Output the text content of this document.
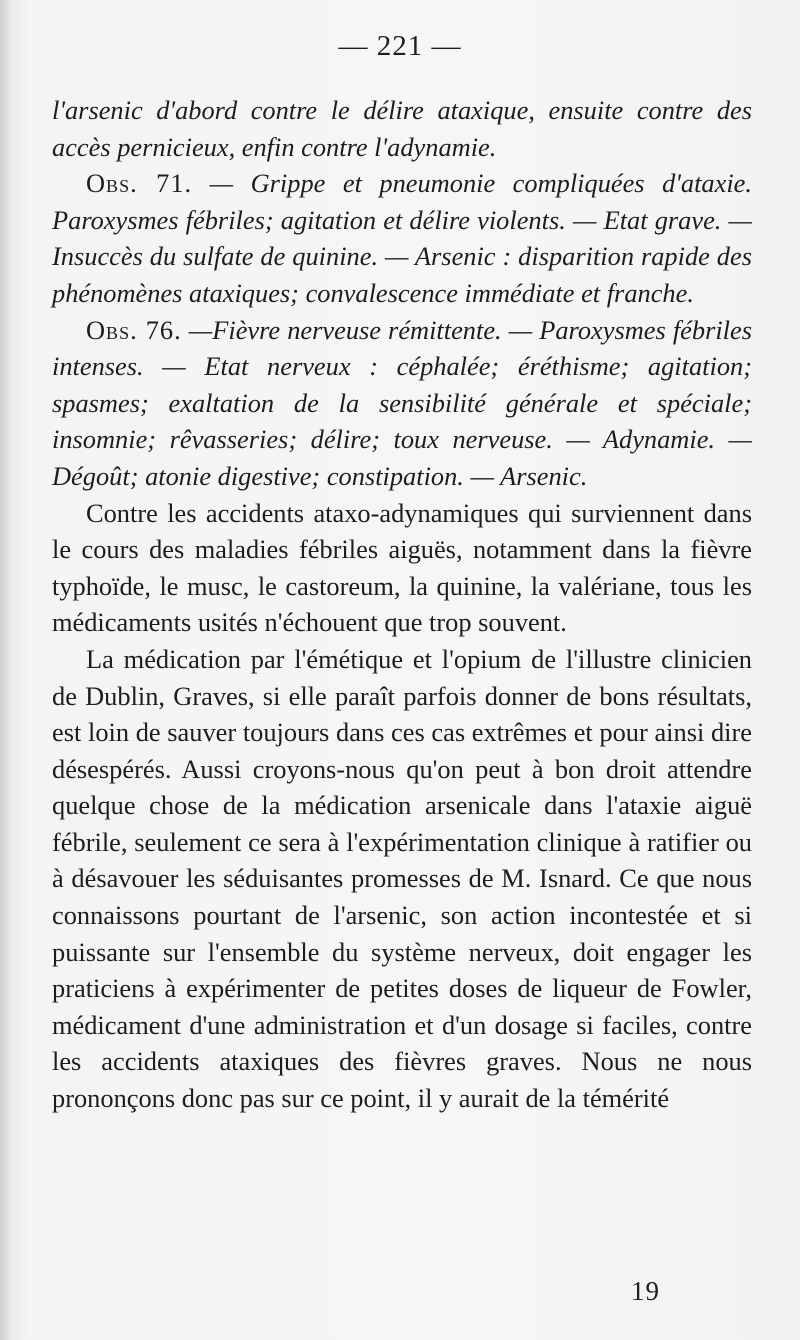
— 221 —

l'arsenic d'abord contre le délire ataxique, ensuite contre des accès pernicieux, enfin contre l'adynamie.

Obs. 71. — Grippe et pneumonie compliquées d'ataxie. Paroxysmes fébriles; agitation et délire violents. — Etat grave. — Insuccès du sulfate de quinine. — Arsenic : disparition rapide des phénomènes ataxiques; convalescence immédiate et franche.

Obs. 76. —Fièvre nerveuse rémittente. — Paroxysmes fébriles intenses. — Etat nerveux : céphalée; éréthisme; agitation; spasmes; exaltation de la sensibilité générale et spéciale; insomnie; rêvasseries; délire; toux nerveuse. — Adynamie. — Dégoût; atonie digestive; constipation. — Arsenic.

Contre les accidents ataxo-adynamiques qui surviennent dans le cours des maladies fébriles aiguës, notamment dans la fièvre typhoïde, le musc, le castoreum, la quinine, la valériane, tous les médicaments usités n'échouent que trop souvent.

La médication par l'émétique et l'opium de l'illustre clinicien de Dublin, Graves, si elle paraît parfois donner de bons résultats, est loin de sauver toujours dans ces cas extrêmes et pour ainsi dire désespérés. Aussi croyons-nous qu'on peut à bon droit attendre quelque chose de la médication arsenicale dans l'ataxie aiguë fébrile, seulement ce sera à l'expérimentation clinique à ratifier ou à désavouer les séduisantes promesses de M. Isnard. Ce que nous connaissons pourtant de l'arsenic, son action incontestée et si puissante sur l'ensemble du système nerveux, doit engager les praticiens à expérimenter de petites doses de liqueur de Fowler, médicament d'une administration et d'un dosage si faciles, contre les accidents ataxiques des fièvres graves. Nous ne nous prononçons donc pas sur ce point, il y aurait de la témérité

19
